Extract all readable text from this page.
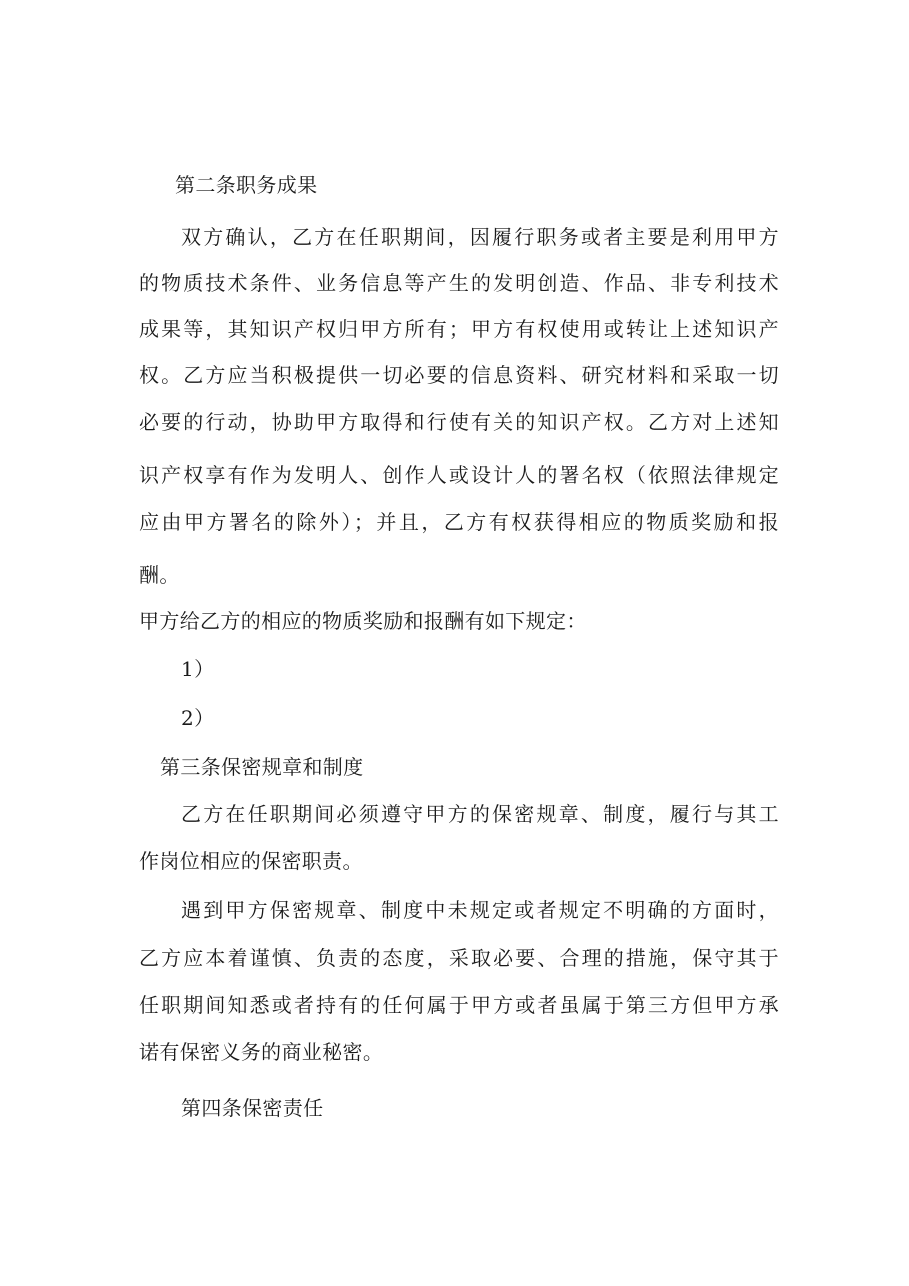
第二条职务成果
双方确认，乙方在任职期间，因履行职务或者主要是利用甲方
的物质技术条件、业务信息等产生的发明创造、作品、非专利技术
成果等，其知识产权归甲方所有；甲方有权使用或转让上述知识产
权。乙方应当积极提供一切必要的信息资料、研究材料和采取一切
必要的行动，协助甲方取得和行使有关的知识产权。乙方对上述知
识产权享有作为发明人、创作人或设计人的署名权（依照法律规定
应由甲方署名的除外）；并且，乙方有权获得相应的物质奖励和报
酬。
甲方给乙方的相应的物质奖励和报酬有如下规定：
1）
2）
第三条保密规章和制度
乙方在任职期间必须遵守甲方的保密规章、制度，履行与其工
作岗位相应的保密职责。
遇到甲方保密规章、制度中未规定或者规定不明确的方面时，
乙方应本着谨慎、负责的态度，采取必要、合理的措施，保守其于
任职期间知悉或者持有的任何属于甲方或者虽属于第三方但甲方承
诺有保密义务的商业秘密。
第四条保密责任
